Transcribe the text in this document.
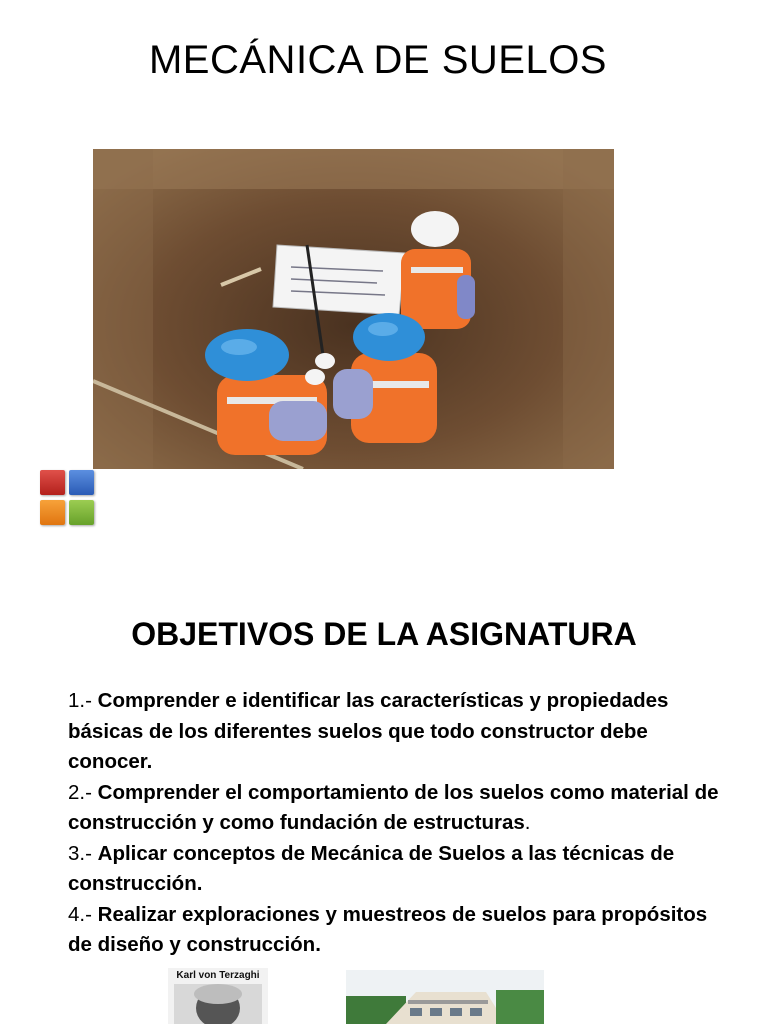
MECÁNICA DE SUELOS
OBJETIVOS DE LA ASIGNATURA

1.- Comprender e identificar las características y propiedades básicas de los diferentes suelos que todo constructor debe conocer.

2.- Comprender el comportamiento de los suelos como material de construcción y como fundación de estructuras.

3.- Aplicar conceptos de Mecánica de Suelos a las técnicas de construcción.

4.- Realizar exploraciones y muestreos de suelos para propósitos de diseño y construcción.

Karl von Terzaghi
